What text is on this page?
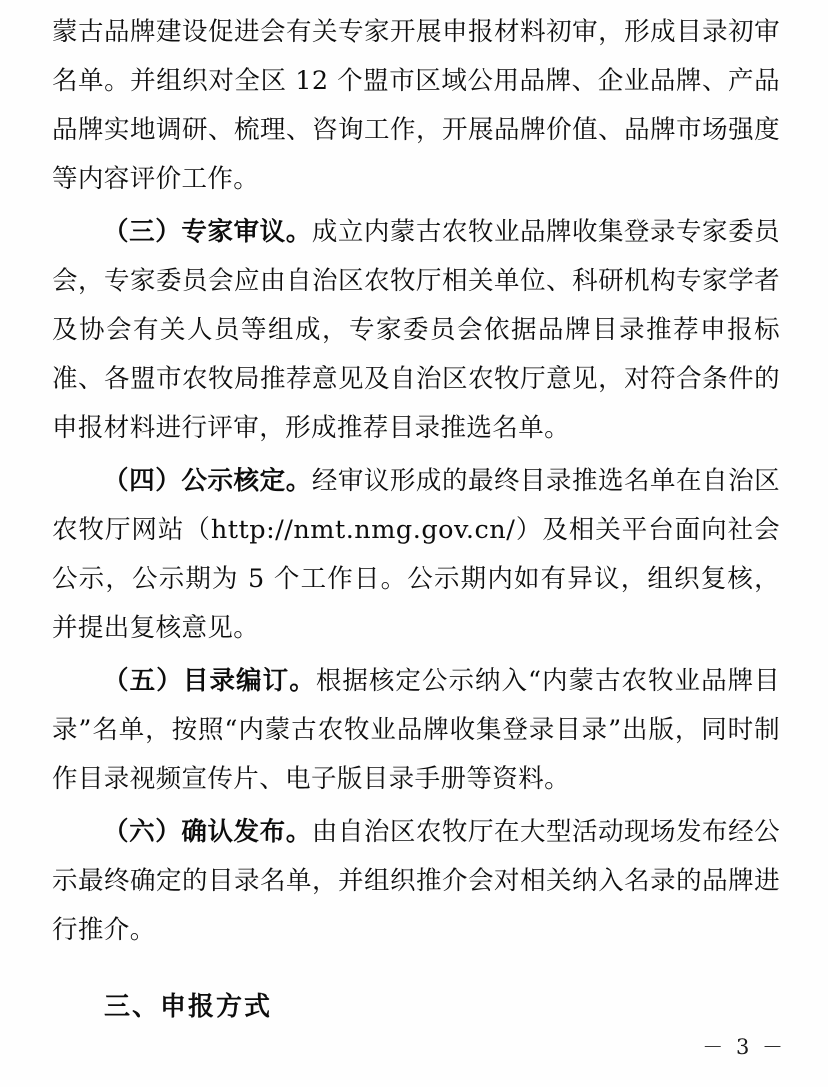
蒙古品牌建设促进会有关专家开展申报材料初审，形成目录初审名单。并组织对全区 12 个盟市区域公用品牌、企业品牌、产品品牌实地调研、梳理、咨询工作，开展品牌价值、品牌市场强度等内容评价工作。

（三）专家审议。成立内蒙古农牧业品牌收集登录专家委员会，专家委员会应由自治区农牧厅相关单位、科研机构专家学者及协会有关人员等组成，专家委员会依据品牌目录推荐申报标准、各盟市农牧局推荐意见及自治区农牧厅意见，对符合条件的申报材料进行评审，形成推荐目录推选名单。

（四）公示核定。经审议形成的最终目录推选名单在自治区农牧厅网站（http://nmt.nmg.gov.cn/）及相关平台面向社会公示，公示期为 5 个工作日。公示期内如有异议，组织复核，并提出复核意见。

（五）目录编订。根据核定公示纳入“内蒙古农牧业品牌目录”名单，按照“内蒙古农牧业品牌收集登录目录”出版，同时制作目录视频宣传片、电子版目录手册等资料。

（六）确认发布。由自治区农牧厅在大型活动现场发布经公示最终确定的目录名单，并组织推介会对相关纳入名录的品牌进行推介。

三、申报方式

－ 3 －
